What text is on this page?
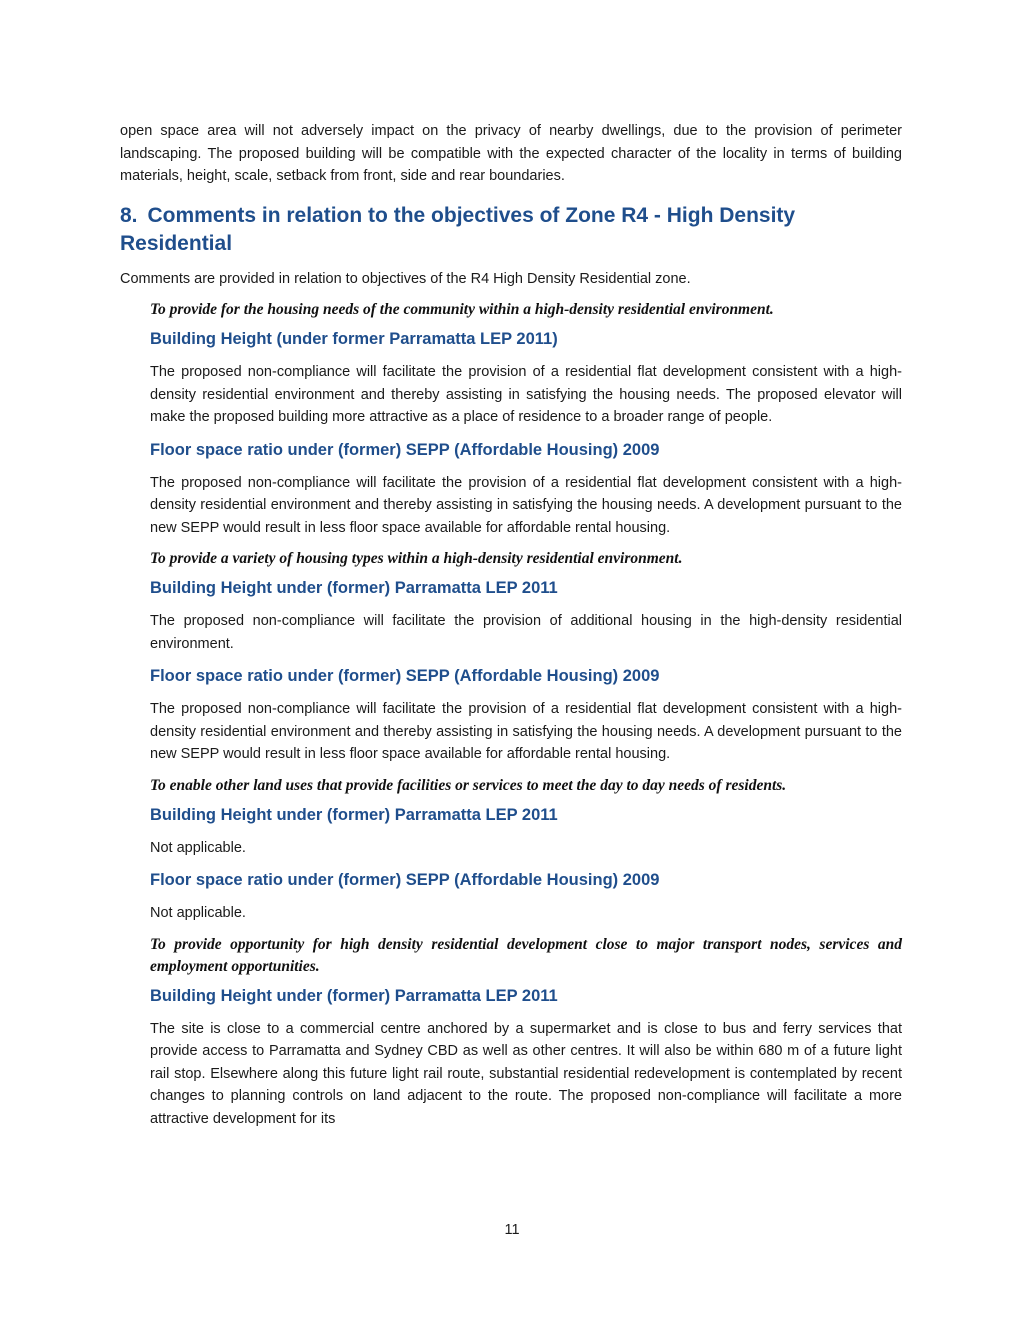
open space area will not adversely impact on the privacy of nearby dwellings, due to the provision of perimeter landscaping. The proposed building will be compatible with the expected character of the locality in terms of building materials, height, scale, setback from front, side and rear boundaries.

8. Comments in relation to the objectives of Zone R4 - High Density Residential

Comments are provided in relation to objectives of the R4 High Density Residential zone.

To provide for the housing needs of the community within a high-density residential environment.

Building Height (under former Parramatta LEP 2011)

The proposed non-compliance will facilitate the provision of a residential flat development consistent with a high-density residential environment and thereby assisting in satisfying the housing needs. The proposed elevator will make the proposed building more attractive as a place of residence to a broader range of people.

Floor space ratio under (former) SEPP (Affordable Housing) 2009

The proposed non-compliance will facilitate the provision of a residential flat development consistent with a high-density residential environment and thereby assisting in satisfying the housing needs. A development pursuant to the new SEPP would result in less floor space available for affordable rental housing.

To provide a variety of housing types within a high-density residential environment.

Building Height under (former) Parramatta LEP 2011

The proposed non-compliance will facilitate the provision of additional housing in the high-density residential environment.

Floor space ratio under (former) SEPP (Affordable Housing) 2009

The proposed non-compliance will facilitate the provision of a residential flat development consistent with a high-density residential environment and thereby assisting in satisfying the housing needs. A development pursuant to the new SEPP would result in less floor space available for affordable rental housing.

To enable other land uses that provide facilities or services to meet the day to day needs of residents.

Building Height under (former) Parramatta LEP 2011

Not applicable.

Floor space ratio under (former) SEPP (Affordable Housing) 2009

Not applicable.

To provide opportunity for high density residential development close to major transport nodes, services and employment opportunities.

Building Height under (former) Parramatta LEP 2011

The site is close to a commercial centre anchored by a supermarket and is close to bus and ferry services that provide access to Parramatta and Sydney CBD as well as other centres. It will also be within 680 m of a future light rail stop. Elsewhere along this future light rail route, substantial residential redevelopment is contemplated by recent changes to planning controls on land adjacent to the route. The proposed non-compliance will facilitate a more attractive development for its

11
